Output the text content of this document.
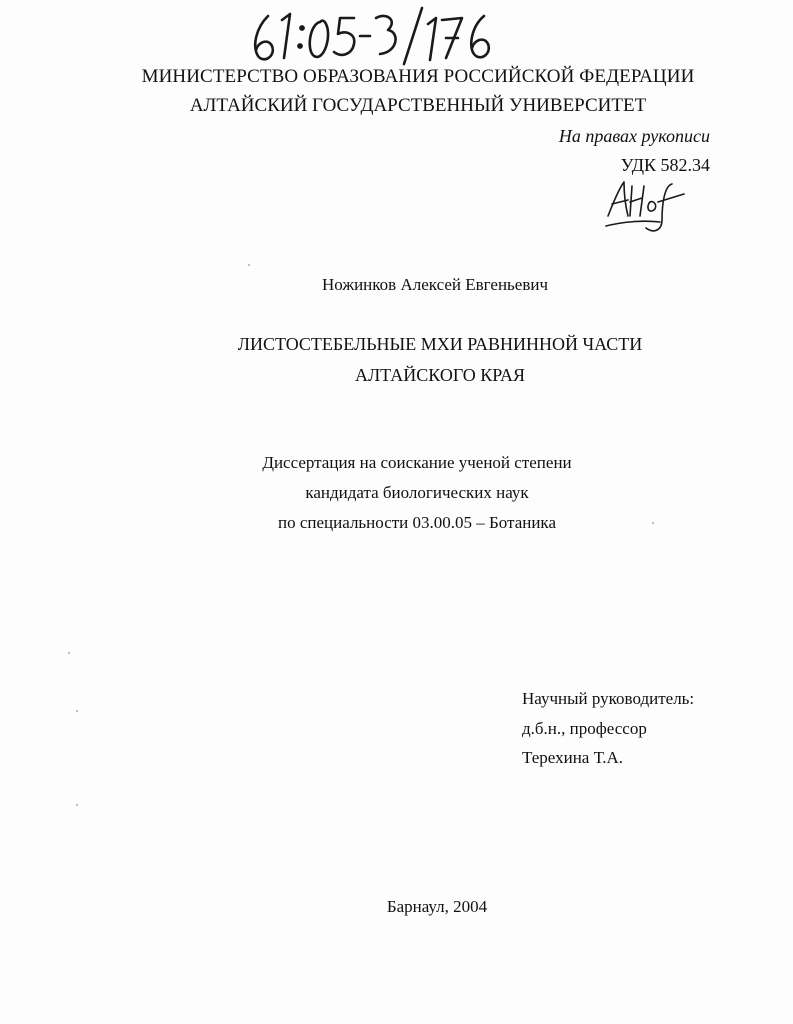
МИНИСТЕРСТВО ОБРАЗОВАНИЯ РОССИЙСКОЙ ФЕДЕРАЦИИ
АЛТАЙСКИЙ ГОСУДАРСТВЕННЫЙ УНИВЕРСИТЕТ
На правах рукописи
УДК 582.34
Ножинков Алексей Евгеньевич
ЛИСТОСТЕБЕЛЬНЫЕ МХИ РАВНИННОЙ ЧАСТИ
АЛТАЙСКОГО КРАЯ
Диссертация на соискание ученой степени
кандидата биологических наук
по специальности 03.00.05 – Ботаника
Научный руководитель:
д.б.н., профессор
Терехина Т.А.
Барнаул, 2004
